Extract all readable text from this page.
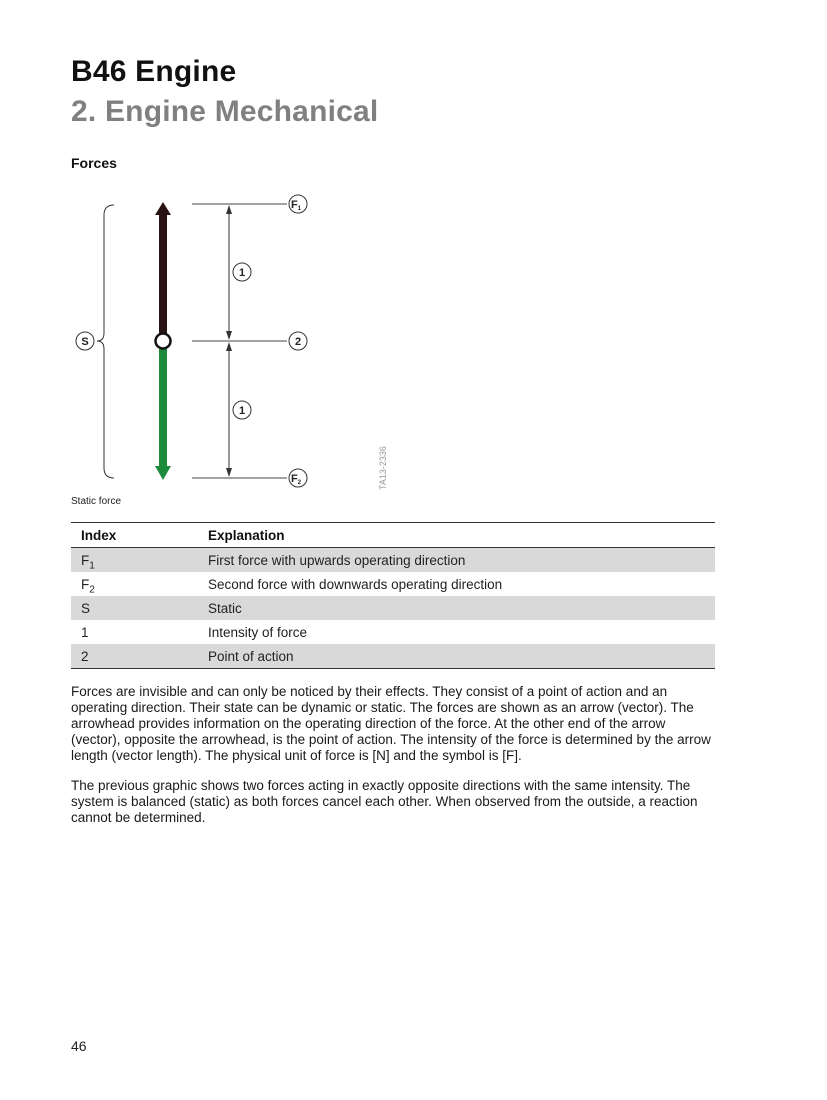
B46 Engine
2. Engine Mechanical
Forces
S
1
1
F1
2
F2	TA13-2336
Static force
Index	Explanation
$F_1$	First force with upwards operating direction
$F_2$	Second force with downwards operating direction
S	Static
1	Intensity of force
2	Point of action

Forces are invisible and can only be noticed by their effects. They consist of a point of action and an operating direction. Their state can be dynamic or static. The forces are shown as an arrow (vector). The arrowhead provides information on the operating direction of the force. At the other end of the arrow (vector), opposite the arrowhead, is the point of action. The intensity of the force is determined by the arrow length (vector length). The physical unit of force is [N] and the symbol is [F].

The previous graphic shows two forces acting in exactly opposite directions with the same intensity. The system is balanced (static) as both forces cancel each other. When observed from the outside, a reaction cannot be determined.

46
